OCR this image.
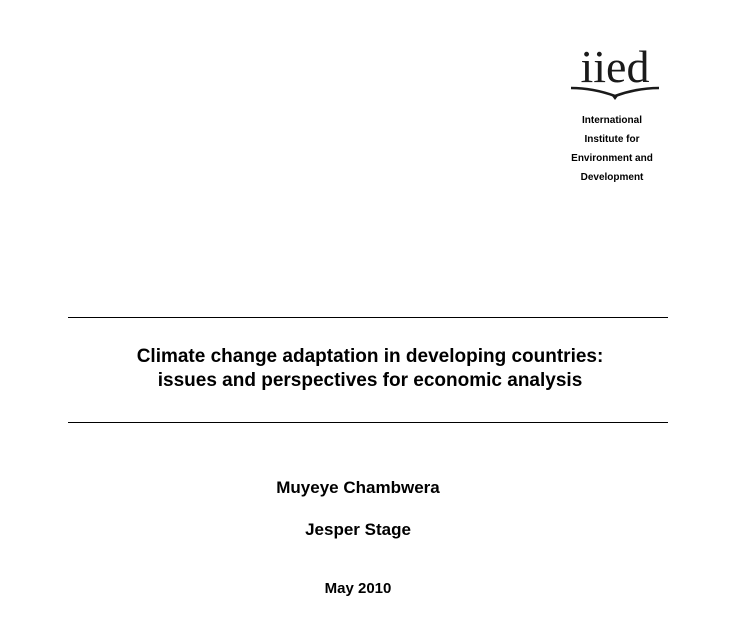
iied
International
Institute for
Environment and
Development
Climate change adaptation in developing countries:
issues and perspectives for economic analysis
Muyeye Chambwera
Jesper Stage
May 2010
